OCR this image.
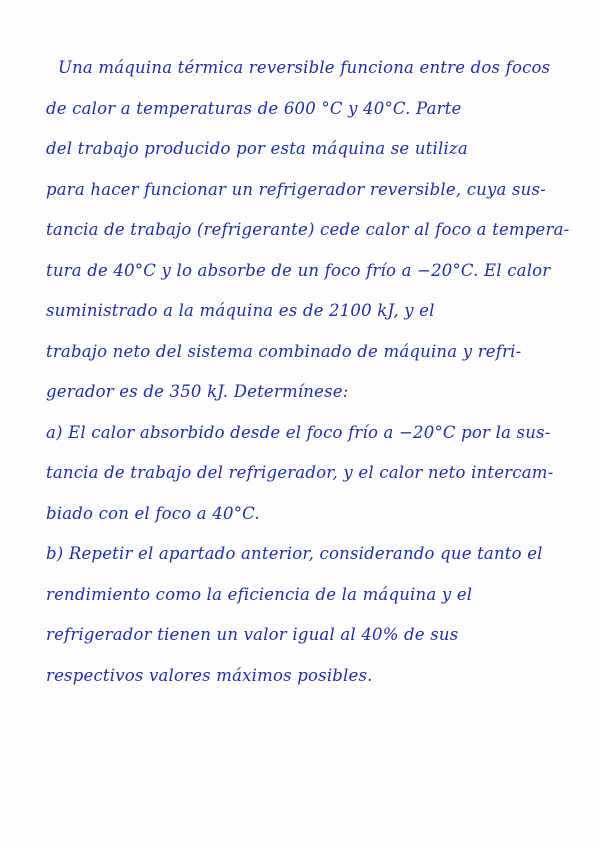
Una máquina térmica reversible funciona entre dos focos
de calor a temperaturas de 600 °C y 40°C. Parte
del trabajo producido por esta máquina se utiliza
para hacer funcionar un refrigerador reversible, cuya sus-
tancia de trabajo (refrigerante) cede calor al foco a tempera-
tura de 40°C y lo absorbe de un foco frío a −20°C. El calor
suministrado a la máquina es de 2100 kJ, y el
trabajo neto del sistema combinado de máquina y refri-
gerador es de 350 kJ. Determínese:
a) El calor absorbido desde el foco frío a −20°C por la sus-
tancia de trabajo del refrigerador, y el calor neto intercam-
biado con el foco a 40°C.
b) Repetir el apartado anterior, considerando que tanto el
rendimiento como la eficiencia de la máquina y el
refrigerador tienen un valor igual al 40% de sus
respectivos valores máximos posibles.
